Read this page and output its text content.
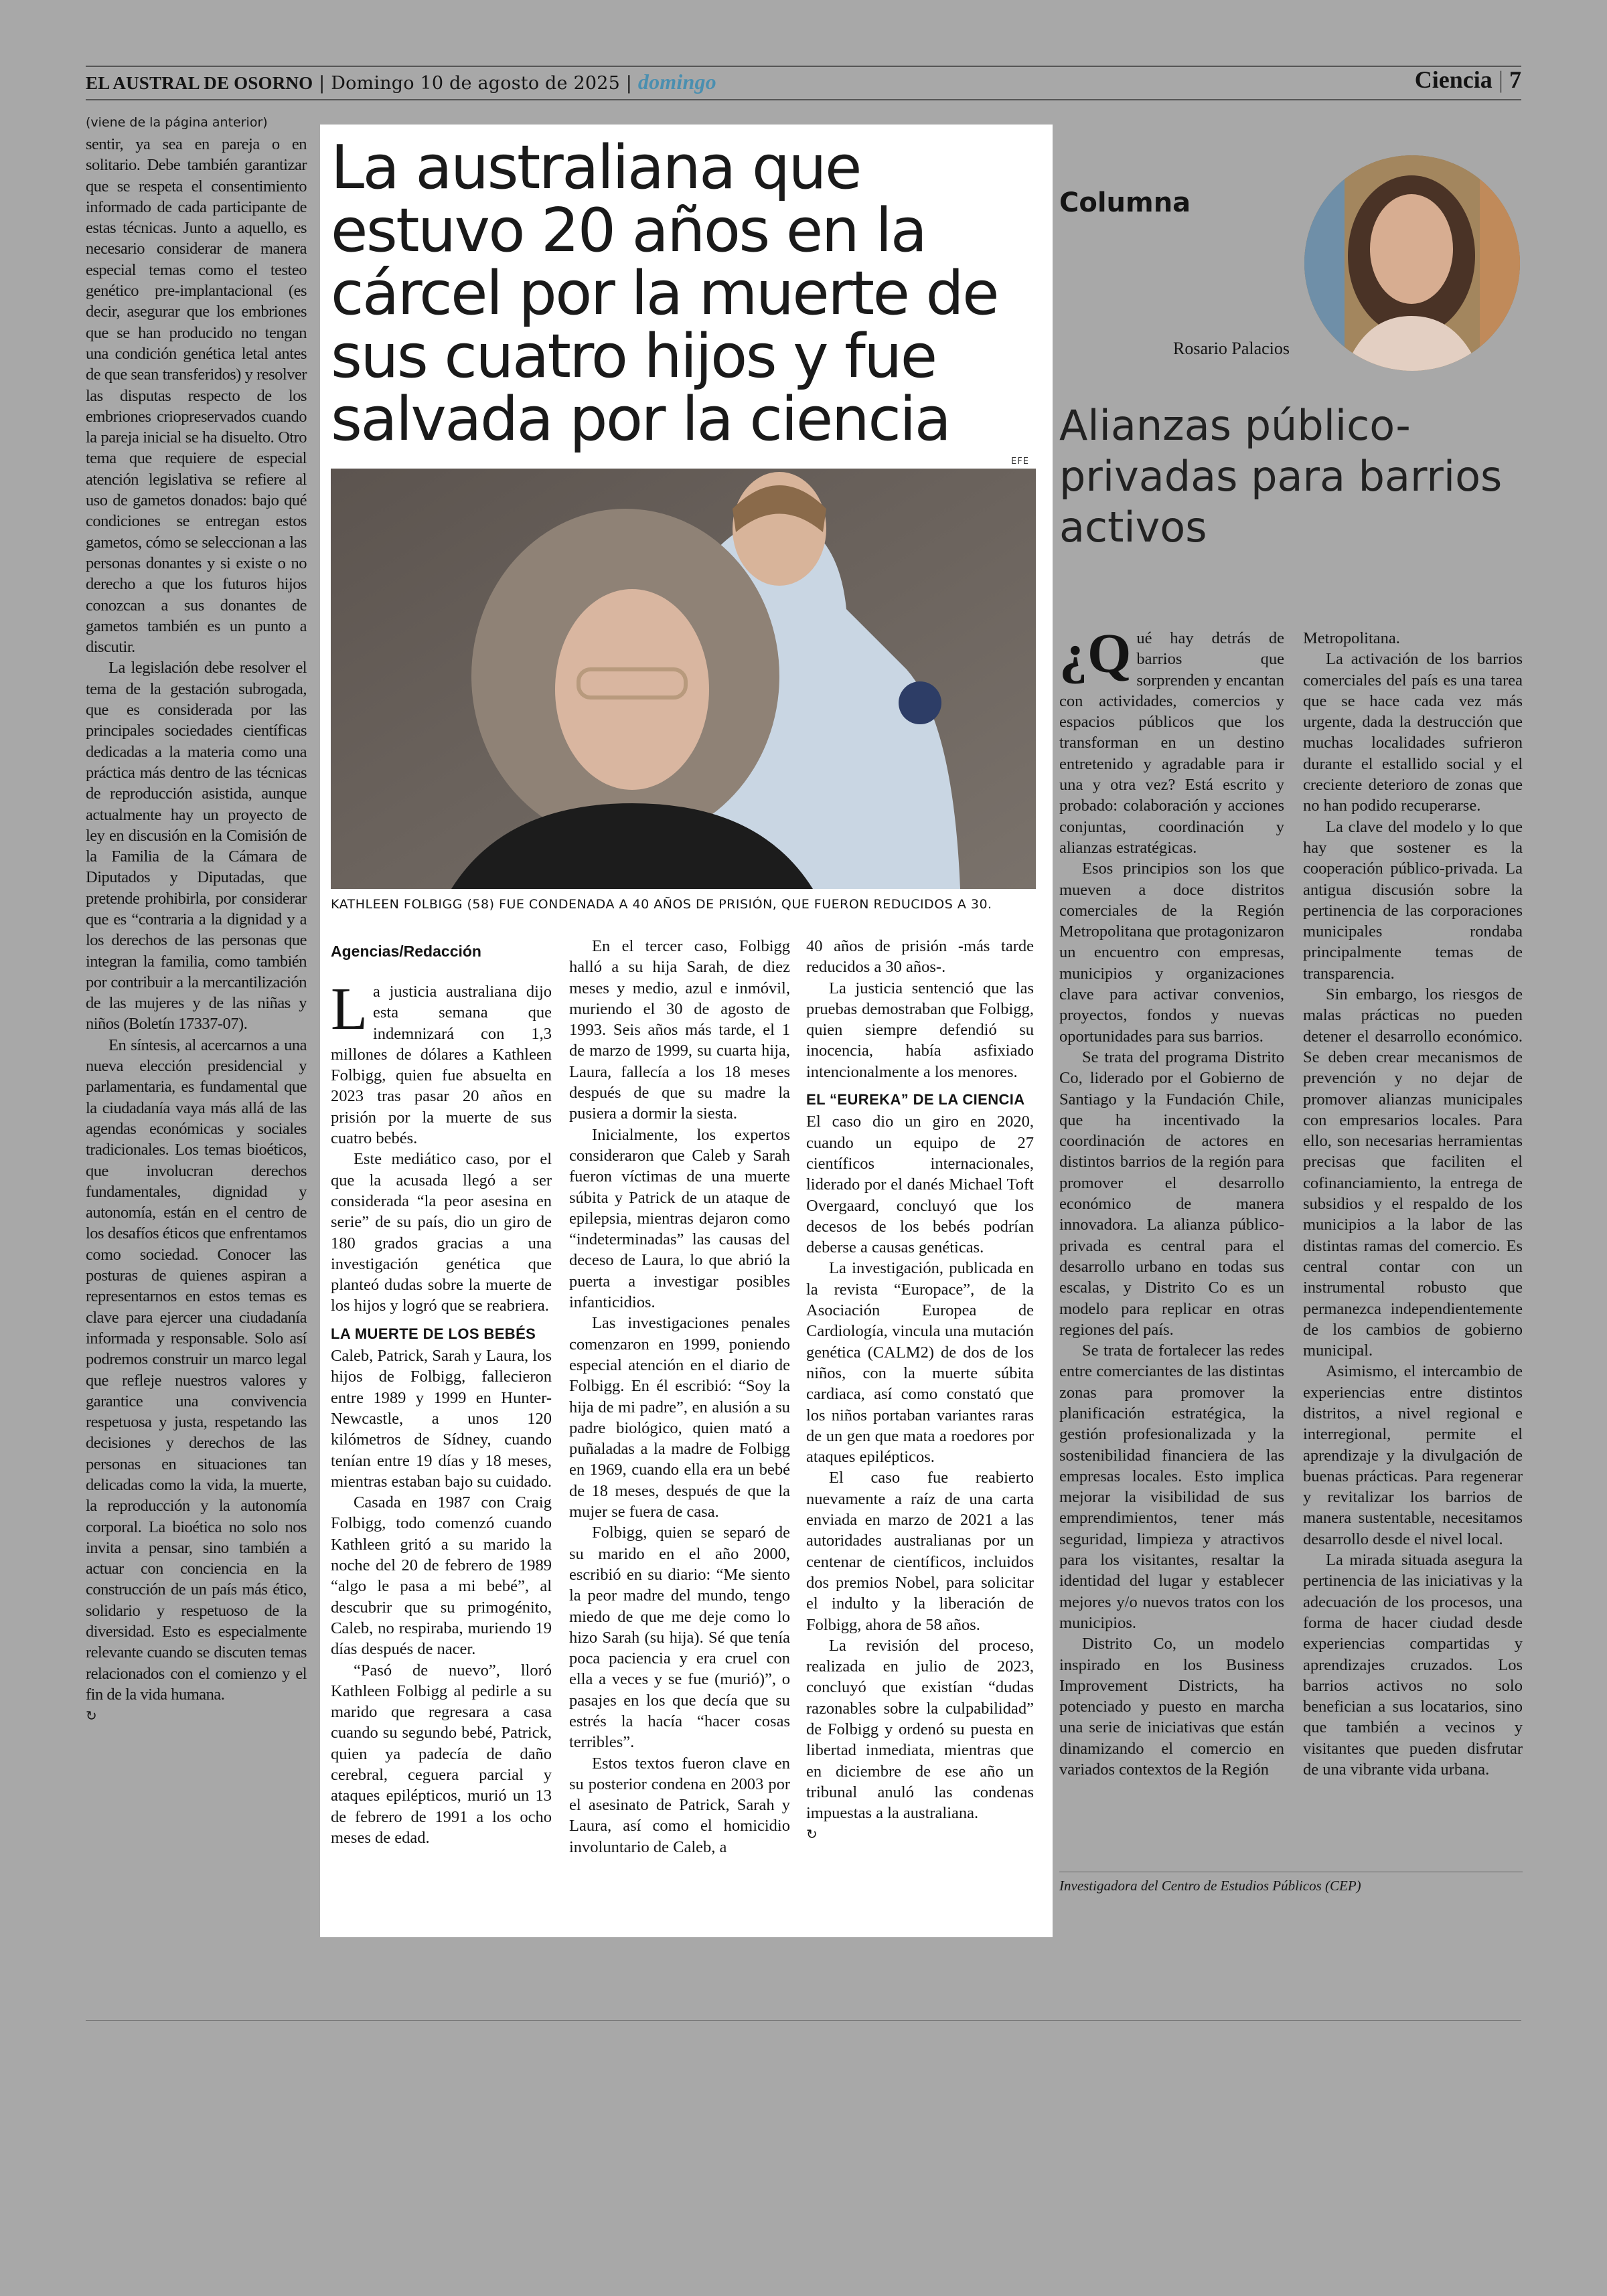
EL AUSTRAL DE OSORNO | Domingo 10 de agosto de 2025 | domingo	Ciencia | 7
(viene de la página anterior)

sentir, ya sea en pareja o en solitario. Debe también garantizar que se respeta el consentimiento informado de cada participante de estas técnicas. Junto a aquello, es necesario considerar de manera especial temas como el testeo genético pre-implantacional (es decir, asegurar que los embriones que se han producido no tengan una condición genética letal antes de que sean transferidos) y resolver las disputas respecto de los embriones criopreservados cuando la pareja inicial se ha disuelto. Otro tema que requiere de especial atención legislativa se refiere al uso de gametos donados: bajo qué condiciones se entregan estos gametos, cómo se seleccionan a las personas donantes y si existe o no derecho a que los futuros hijos conozcan a sus donantes de gametos también es un punto a discutir.

La legislación debe resolver el tema de la gestación subrogada, que es considerada por las principales sociedades científicas dedicadas a la materia como una práctica más dentro de las técnicas de reproducción asistida, aunque actualmente hay un proyecto de ley en discusión en la Comisión de la Familia de la Cámara de Diputados y Diputadas, que pretende prohibirla, por considerar que es “contraria a la dignidad y a los derechos de las personas que integran la familia, como también por contribuir a la mercantilización de las mujeres y de las niñas y niños (Boletín 17337-07).

En síntesis, al acercarnos a una nueva elección presidencial y parlamentaria, es fundamental que la ciudadanía vaya más allá de las agendas económicas y sociales tradicionales. Los temas bioéticos, que involucran derechos fundamentales, dignidad y autonomía, están en el centro de los desafíos éticos que enfrentamos como sociedad. Conocer las posturas de quienes aspiran a representarnos en estos temas es clave para ejercer una ciudadanía informada y responsable. Solo así podremos construir un marco legal que refleje nuestros valores y garantice una convivencia respetuosa y justa, respetando las decisiones y derechos de las personas en situaciones tan delicadas como la vida, la muerte, la reproducción y la autonomía corporal. La bioética no solo nos invita a pensar, sino también a actuar con conciencia en la construcción de un país más ético, solidario y respetuoso de la diversidad. Esto es especialmente relevante cuando se discuten temas relacionados con el comienzo y el fin de la vida humana.

↻
La australiana que estuvo 20 años en la cárcel por la muerte de sus cuatro hijos y fue salvada por la ciencia
EFE
KATHLEEN FOLBIGG (58) FUE CONDENADA A 40 AÑOS DE PRISIÓN, QUE FUERON REDUCIDOS A 30.
Agencias/Redacción

La justicia australiana dijo esta semana que indemnizará con 1,3 millones de dólares a Kathleen Folbigg, quien fue absuelta en 2023 tras pasar 20 años en prisión por la muerte de sus cuatro bebés.

Este mediático caso, por el que la acusada llegó a ser considerada “la peor asesina en serie” de su país, dio un giro de 180 grados gracias a una investigación genética que planteó dudas sobre la muerte de los hijos y logró que se reabriera.

LA MUERTE DE LOS BEBÉS

Caleb, Patrick, Sarah y Laura, los hijos de Folbigg, fallecieron entre 1989 y 1999 en Hunter-Newcastle, a unos 120 kilómetros de Sídney, cuando tenían entre 19 días y 18 meses, mientras estaban bajo su cuidado.

Casada en 1987 con Craig Folbigg, todo comenzó cuando Kathleen gritó a su marido la noche del 20 de febrero de 1989 “algo le pasa a mi bebé”, al descubrir que su primogénito, Caleb, no respiraba, muriendo 19 días después de nacer.

“Pasó de nuevo”, lloró Kathleen Folbigg al pedirle a su marido que regresara a casa cuando su segundo bebé, Patrick, quien ya padecía de daño cerebral, ceguera parcial y ataques epilépticos, murió un 13 de febrero de 1991 a los ocho meses de edad.

En el tercer caso, Folbigg halló a su hija Sarah, de diez meses y medio, azul e inmóvil, muriendo el 30 de agosto de 1993. Seis años más tarde, el 1 de marzo de 1999, su cuarta hija, Laura, fallecía a los 18 meses después de que su madre la pusiera a dormir la siesta.

Inicialmente, los expertos consideraron que Caleb y Sarah fueron víctimas de una muerte súbita y Patrick de un ataque de epilepsia, mientras dejaron como “indeterminadas” las causas del deceso de Laura, lo que abrió la puerta a investigar posibles infanticidios.

Las investigaciones penales comenzaron en 1999, poniendo especial atención en el diario de Folbigg. En él escribió: “Soy la hija de mi padre”, en alusión a su padre biológico, quien mató a puñaladas a la madre de Folbigg en 1969, cuando ella era un bebé de 18 meses, después de que la mujer se fuera de casa.

Folbigg, quien se separó de su marido en el año 2000, escribió en su diario: “Me siento la peor madre del mundo, tengo miedo de que me deje como lo hizo Sarah (su hija). Sé que tenía poca paciencia y era cruel con ella a veces y se fue (murió)”, o pasajes en los que decía que su estrés la hacía “hacer cosas terribles”.

Estos textos fueron clave en su posterior condena en 2003 por el asesinato de Patrick, Sarah y Laura, así como el homicidio involuntario de Caleb, a

40 años de prisión -más tarde reducidos a 30 años-.

La justicia sentenció que las pruebas demostraban que Folbigg, quien siempre defendió su inocencia, había asfixiado intencionalmente a los menores.

EL “EUREKA” DE LA CIENCIA

El caso dio un giro en 2020, cuando un equipo de 27 científicos internacionales, liderado por el danés Michael Toft Overgaard, concluyó que los decesos de los bebés podrían deberse a causas genéticas.

La investigación, publicada en la revista “Europace”, de la Asociación Europea de Cardiología, vincula una mutación genética (CALM2) de dos de los niños, con la muerte súbita cardiaca, así como constató que los niños portaban variantes raras de un gen que mata a roedores por ataques epilépticos.

El caso fue reabierto nuevamente a raíz de una carta enviada en marzo de 2021 a las autoridades australianas por un centenar de científicos, incluidos dos premios Nobel, para solicitar el indulto y la liberación de Folbigg, ahora de 58 años.

La revisión del proceso, realizada en julio de 2023, concluyó que existían “dudas razonables sobre la culpabilidad” de Folbigg y ordenó su puesta en libertad inmediata, mientras que en diciembre de ese año un tribunal anuló las condenas impuestas a la australiana.

↻
Columna
Rosario Palacios
Alianzas público-privadas para barrios activos

¿Q ué hay detrás de barrios que sorprenden y encantan con actividades, comercios y espacios públicos que los transforman en un destino entretenido y agradable para ir una y otra vez? Está escrito y probado: colaboración y acciones conjuntas, coordinación y alianzas estratégicas.

Esos principios son los que mueven a doce distritos comerciales de la Región Metropolitana que protagonizaron un encuentro con empresas, municipios y organizaciones clave para activar convenios, proyectos, fondos y nuevas oportunidades para sus barrios.

Se trata del programa Distrito Co, liderado por el Gobierno de Santiago y la Fundación Chile, que ha incentivado la coordinación de actores en distintos barrios de la región para promover el desarrollo económico de manera innovadora. La alianza público-privada es central para el desarrollo urbano en todas sus escalas, y Distrito Co es un modelo para replicar en otras regiones del país.

Se trata de fortalecer las redes entre comerciantes de las distintas zonas para promover la planificación estratégica, la gestión profesionalizada y la sostenibilidad financiera de las empresas locales. Esto implica mejorar la visibilidad de sus emprendimientos, tener más seguridad, limpieza y atractivos para los visitantes, resaltar la identidad del lugar y establecer mejores y/o nuevos tratos con los municipios.

Distrito Co, un modelo inspirado en los Business Improvement Districts, ha potenciado y puesto en marcha una serie de iniciativas que están dinamizando el comercio en variados contextos de la Región

Metropolitana.

La activación de los barrios comerciales del país es una tarea que se hace cada vez más urgente, dada la destrucción que muchas localidades sufrieron durante el estallido social y el creciente deterioro de zonas que no han podido recuperarse.

La clave del modelo y lo que hay que sostener es la cooperación público-privada. La antigua discusión sobre la pertinencia de las corporaciones municipales rondaba principalmente temas de transparencia.

Sin embargo, los riesgos de malas prácticas no pueden detener el desarrollo económico. Se deben crear mecanismos de prevención y no dejar de promover alianzas municipales con empresarios locales. Para ello, son necesarias herramientas precisas que faciliten el cofinanciamiento, la entrega de subsidios y el respaldo de los municipios a la labor de las distintas ramas del comercio. Es central contar con un instrumental robusto que permanezca independientemente de los cambios de gobierno municipal.

Asimismo, el intercambio de experiencias entre distintos distritos, a nivel regional e interregional, permite el aprendizaje y la divulgación de buenas prácticas. Para regenerar y revitalizar los barrios de manera sustentable, necesitamos desarrollo desde el nivel local.

La mirada situada asegura la pertinencia de las iniciativas y la adecuación de los procesos, una forma de hacer ciudad desde experiencias compartidas y aprendizajes cruzados. Los barrios activos no solo benefician a sus locatarios, sino que también a vecinos y visitantes que pueden disfrutar de una vibrante vida urbana.

Investigadora del Centro de Estudios Públicos (CEP)
